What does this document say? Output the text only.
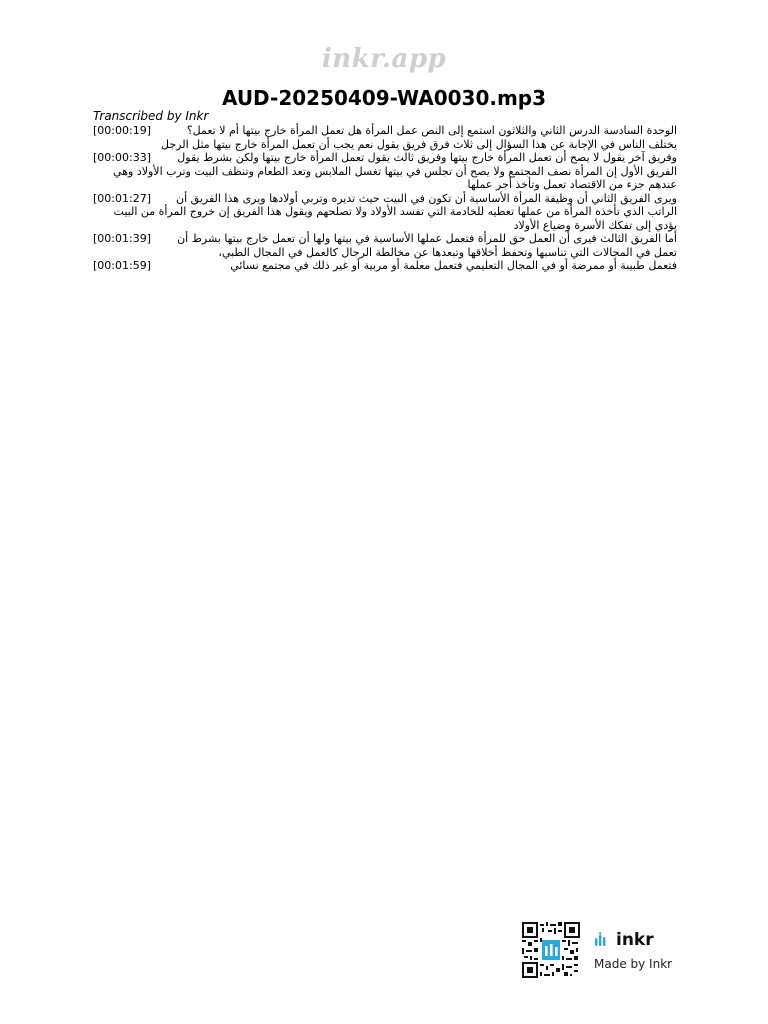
inkr.app
AUD-20250409-WA0030.mp3
Transcribed by Inkr

[00:00:19]	الوحدة السادسة الدرس الثاني والثلاثون استمع إلى النص عمل المرأة هل تعمل المرأة خارج بيتها أم لا تعمل؟ يختلف الناس في الإجابة عن هذا السؤال إلى ثلاث فرق فريق يقول نعم يجب أن تعمل المرأة خارج بيتها مثل الرجل

[00:00:33]	وفريق آخر يقول لا يصح أن تعمل المرأة خارج بيتها وفريق ثالث يقول تعمل المرأة خارج بيتها ولكن بشرط يقول الفريق الأول إن المرأة نصف المجتمع ولا يصح أن تجلس في بيتها تغسل الملابس وتعد الطعام وتنظف البيت وترب الأولاد وهي عندهم جزء من الاقتصاد تعمل وتأخذ أجر عملها

[00:01:27]	ويرى الفريق الثاني أن وظيفة المرأة الأساسية أن تكون في البيت حيث تديره وتربي أولادها ويرى هذا الفريق أن الراتب الذي تأخذه المرأة من عملها تعطيه للخادمة التي تفسد الأولاد ولا تصلحهم ويقول هذا الفريق إن خروج المرأة من البيت يؤدي إلى تفكك الأسرة وضياع الأولاد

[00:01:39]	أما الفريق الثالث فيرى أن العمل حق للمرأة فتعمل عملها الأساسية في بيتها ولها أن تعمل خارج بيتها بشرط أن تعمل في المجالات التي تناسبها وتحفظ أخلاقها وتبعدها عن مخالطة الرجال كالعمل في المجال الطبي،

[00:01:59]	فتعمل طبيبة أو ممرضة أو في المجال التعليمي فتعمل معلمة أو مربية أو غير ذلك في مجتمع نسائي

inkr
Made by Inkr
